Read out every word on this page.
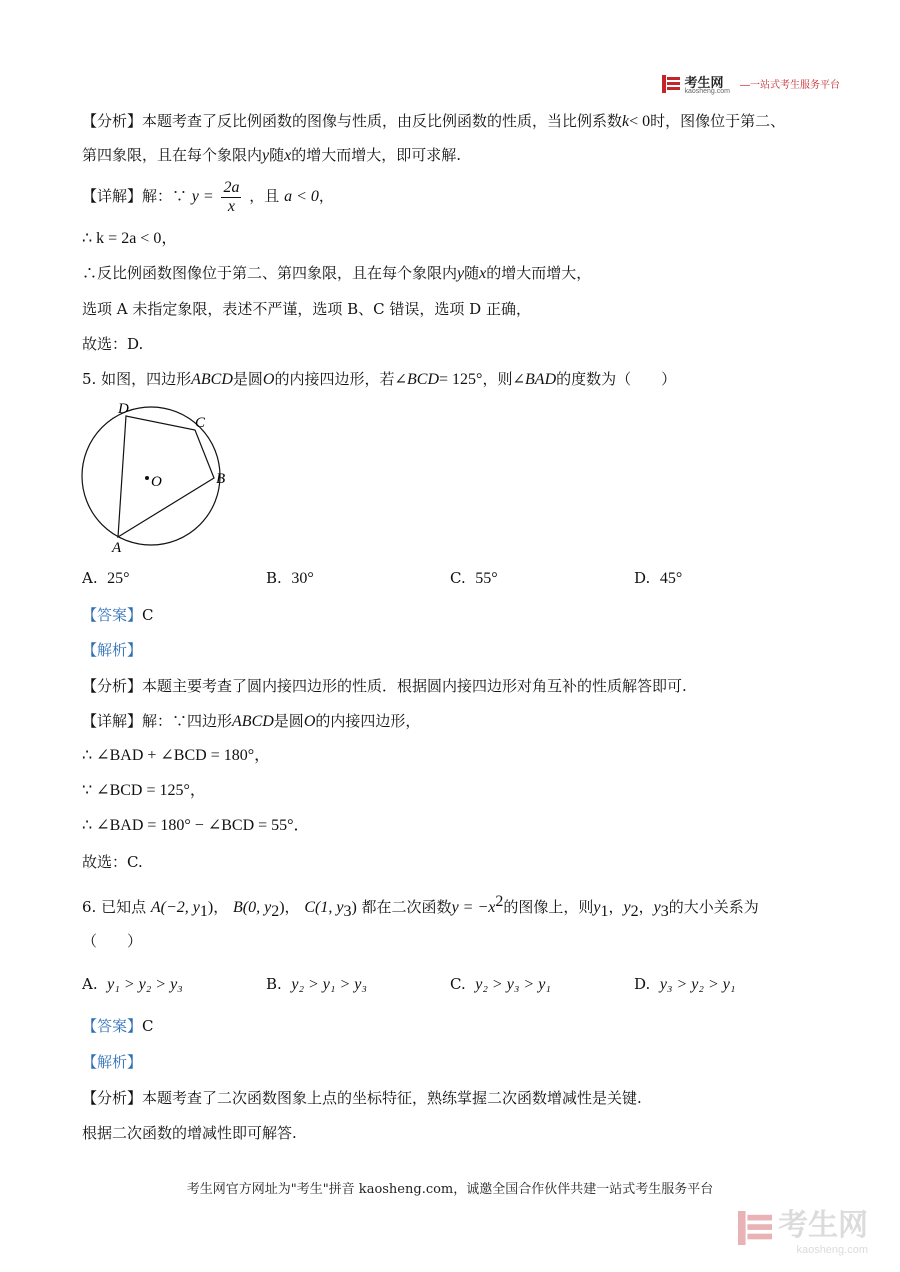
考生网
kaosheng.com
—一站式考生服务平台
【分析】本题考查了反比例函数的图像与性质，由反比例函数的性质，当比例系数k< 0时，图像位于第二、
第四象限，且在每个象限内y随x的增大而增大，即可求解.
【详解】解：∵ $y = \frac{2a}{x}$ ，且 a < 0，
∴ k = 2a < 0，
∴反比例函数图像位于第二、第四象限，且在每个象限内y随x的增大而增大，
选项 A 未指定象限，表述不严谨，选项 B、C 错误，选项 D 正确，
故选：D.
5. 如图，四边形ABCD是圆O的内接四边形，若∠BCD= 125°，则∠BAD的度数为（　　）
D
C
B
A
O
A. 25°	B. 30°	C. 55°	D. 45°
【答案】C
【解析】
【分析】本题主要考查了圆内接四边形的性质．根据圆内接四边形对角互补的性质解答即可.
【详解】解：∵四边形ABCD是圆O的内接四边形，
∴ ∠BAD + ∠BCD = 180°，
∵ ∠BCD = 125°，
∴ ∠BAD = 180° − ∠BCD = 55°．
故选：C.
6. 已知点 A(−2, $y_1$)， B(0, $y_2$)， C(1, $y_3$) 都在二次函数$y = -x^2$的图像上，则$y_1$，$y_2$，$y_3$的大小关系为
（　　）
A. y₁ > y₂ > y₃	B. y₂ > y₁ > y₃	C. y₂ > y₃ > y₁	D. y₃ > y₂ > y₁
【答案】C
【解析】
【分析】本题考查了二次函数图象上点的坐标特征，熟练掌握二次函数增减性是关键.
根据二次函数的增减性即可解答.
考生网官方网址为"考生"拼音 kaosheng.com，诚邀全国合作伙伴共建一站式考生服务平台
考生网
kaosheng.com
